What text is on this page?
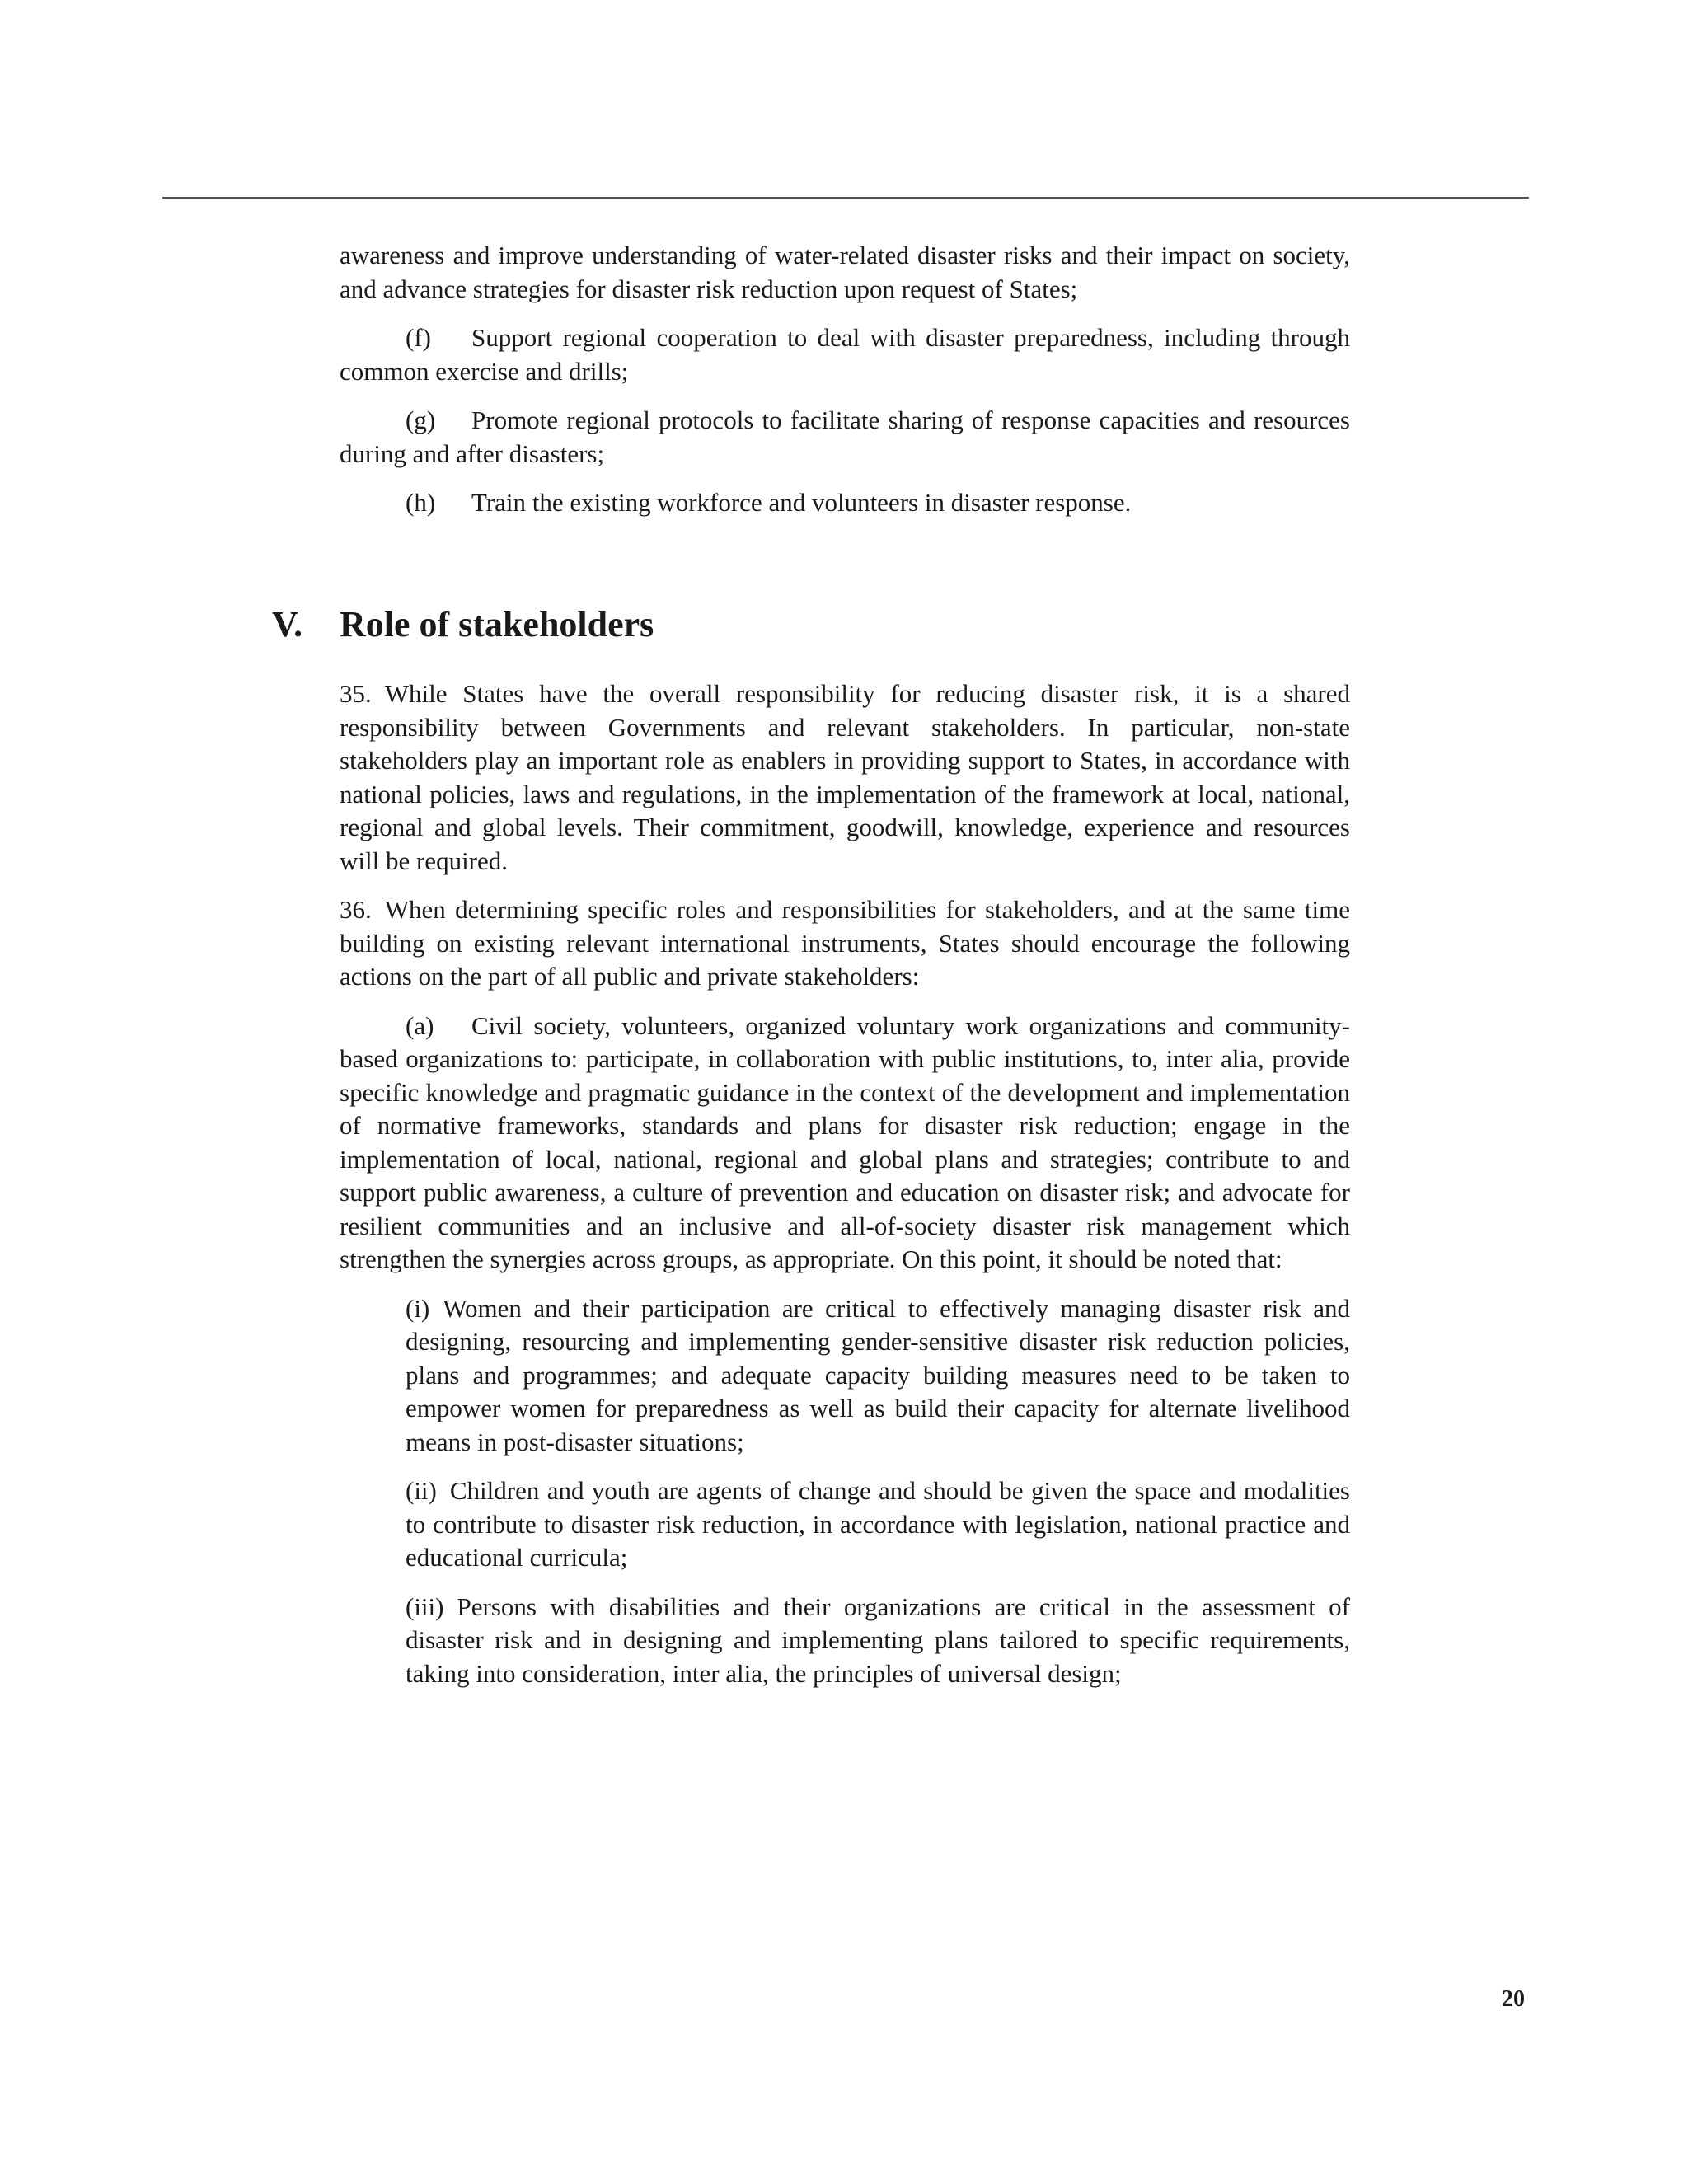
awareness and improve understanding of water-related disaster risks and their impact on society, and advance strategies for disaster risk reduction upon request of States;

(f) Support regional cooperation to deal with disaster preparedness, including through common exercise and drills;

(g) Promote regional protocols to facilitate sharing of response capacities and resources during and after disasters;

(h) Train the existing workforce and volunteers in disaster response.

V. Role of stakeholders

35. While States have the overall responsibility for reducing disaster risk, it is a shared responsibility between Governments and relevant stakeholders. In particular, non-state stakeholders play an important role as enablers in providing support to States, in accordance with national policies, laws and regulations, in the implementation of the framework at local, national, regional and global levels. Their commitment, goodwill, knowledge, experience and resources will be required.

36. When determining specific roles and responsibilities for stakeholders, and at the same time building on existing relevant international instruments, States should encourage the following actions on the part of all public and private stakeholders:

(a) Civil society, volunteers, organized voluntary work organizations and community-based organizations to: participate, in collaboration with public institutions, to, inter alia, provide specific knowledge and pragmatic guidance in the context of the development and implementation of normative frameworks, standards and plans for disaster risk reduction; engage in the implementation of local, national, regional and global plans and strategies; contribute to and support public awareness, a culture of prevention and education on disaster risk; and advocate for resilient communities and an inclusive and all-of-society disaster risk management which strengthen the synergies across groups, as appropriate. On this point, it should be noted that:

(i) Women and their participation are critical to effectively managing disaster risk and designing, resourcing and implementing gender-sensitive disaster risk reduction policies, plans and programmes; and adequate capacity building measures need to be taken to empower women for preparedness as well as build their capacity for alternate livelihood means in post-disaster situations;

(ii) Children and youth are agents of change and should be given the space and modalities to contribute to disaster risk reduction, in accordance with legislation, national practice and educational curricula;

(iii) Persons with disabilities and their organizations are critical in the assessment of disaster risk and in designing and implementing plans tailored to specific requirements, taking into consideration, inter alia, the principles of universal design;

20
